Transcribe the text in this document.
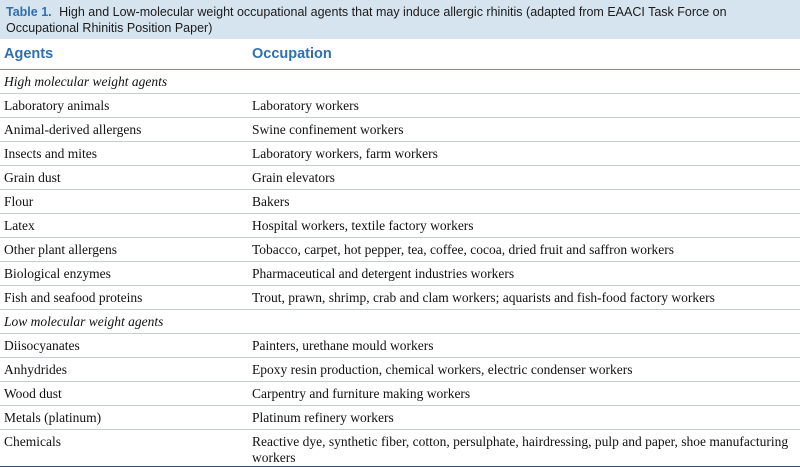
Table 1. High and Low-molecular weight occupational agents that may induce allergic rhinitis (adapted from EAACI Task Force on Occupational Rhinitis Position Paper)
Agents	Occupation
High molecular weight agents
Laboratory animals	Laboratory workers
Animal-derived allergens	Swine confinement workers
Insects and mites	Laboratory workers, farm workers
Grain dust	Grain elevators
Flour	Bakers
Latex	Hospital workers, textile factory workers
Other plant allergens	Tobacco, carpet, hot pepper, tea, coffee, cocoa, dried fruit and saffron workers
Biological enzymes	Pharmaceutical and detergent industries workers
Fish and seafood proteins	Trout, prawn, shrimp, crab and clam workers; aquarists and fish-food factory workers
Low molecular weight agents
Diisocyanates	Painters, urethane mould workers
Anhydrides	Epoxy resin production, chemical workers, electric condenser workers
Wood dust	Carpentry and furniture making workers
Metals (platinum)	Platinum refinery workers
Chemicals	Reactive dye, synthetic fiber, cotton, persulphate, hairdressing, pulp and paper, shoe manufacturing workers
